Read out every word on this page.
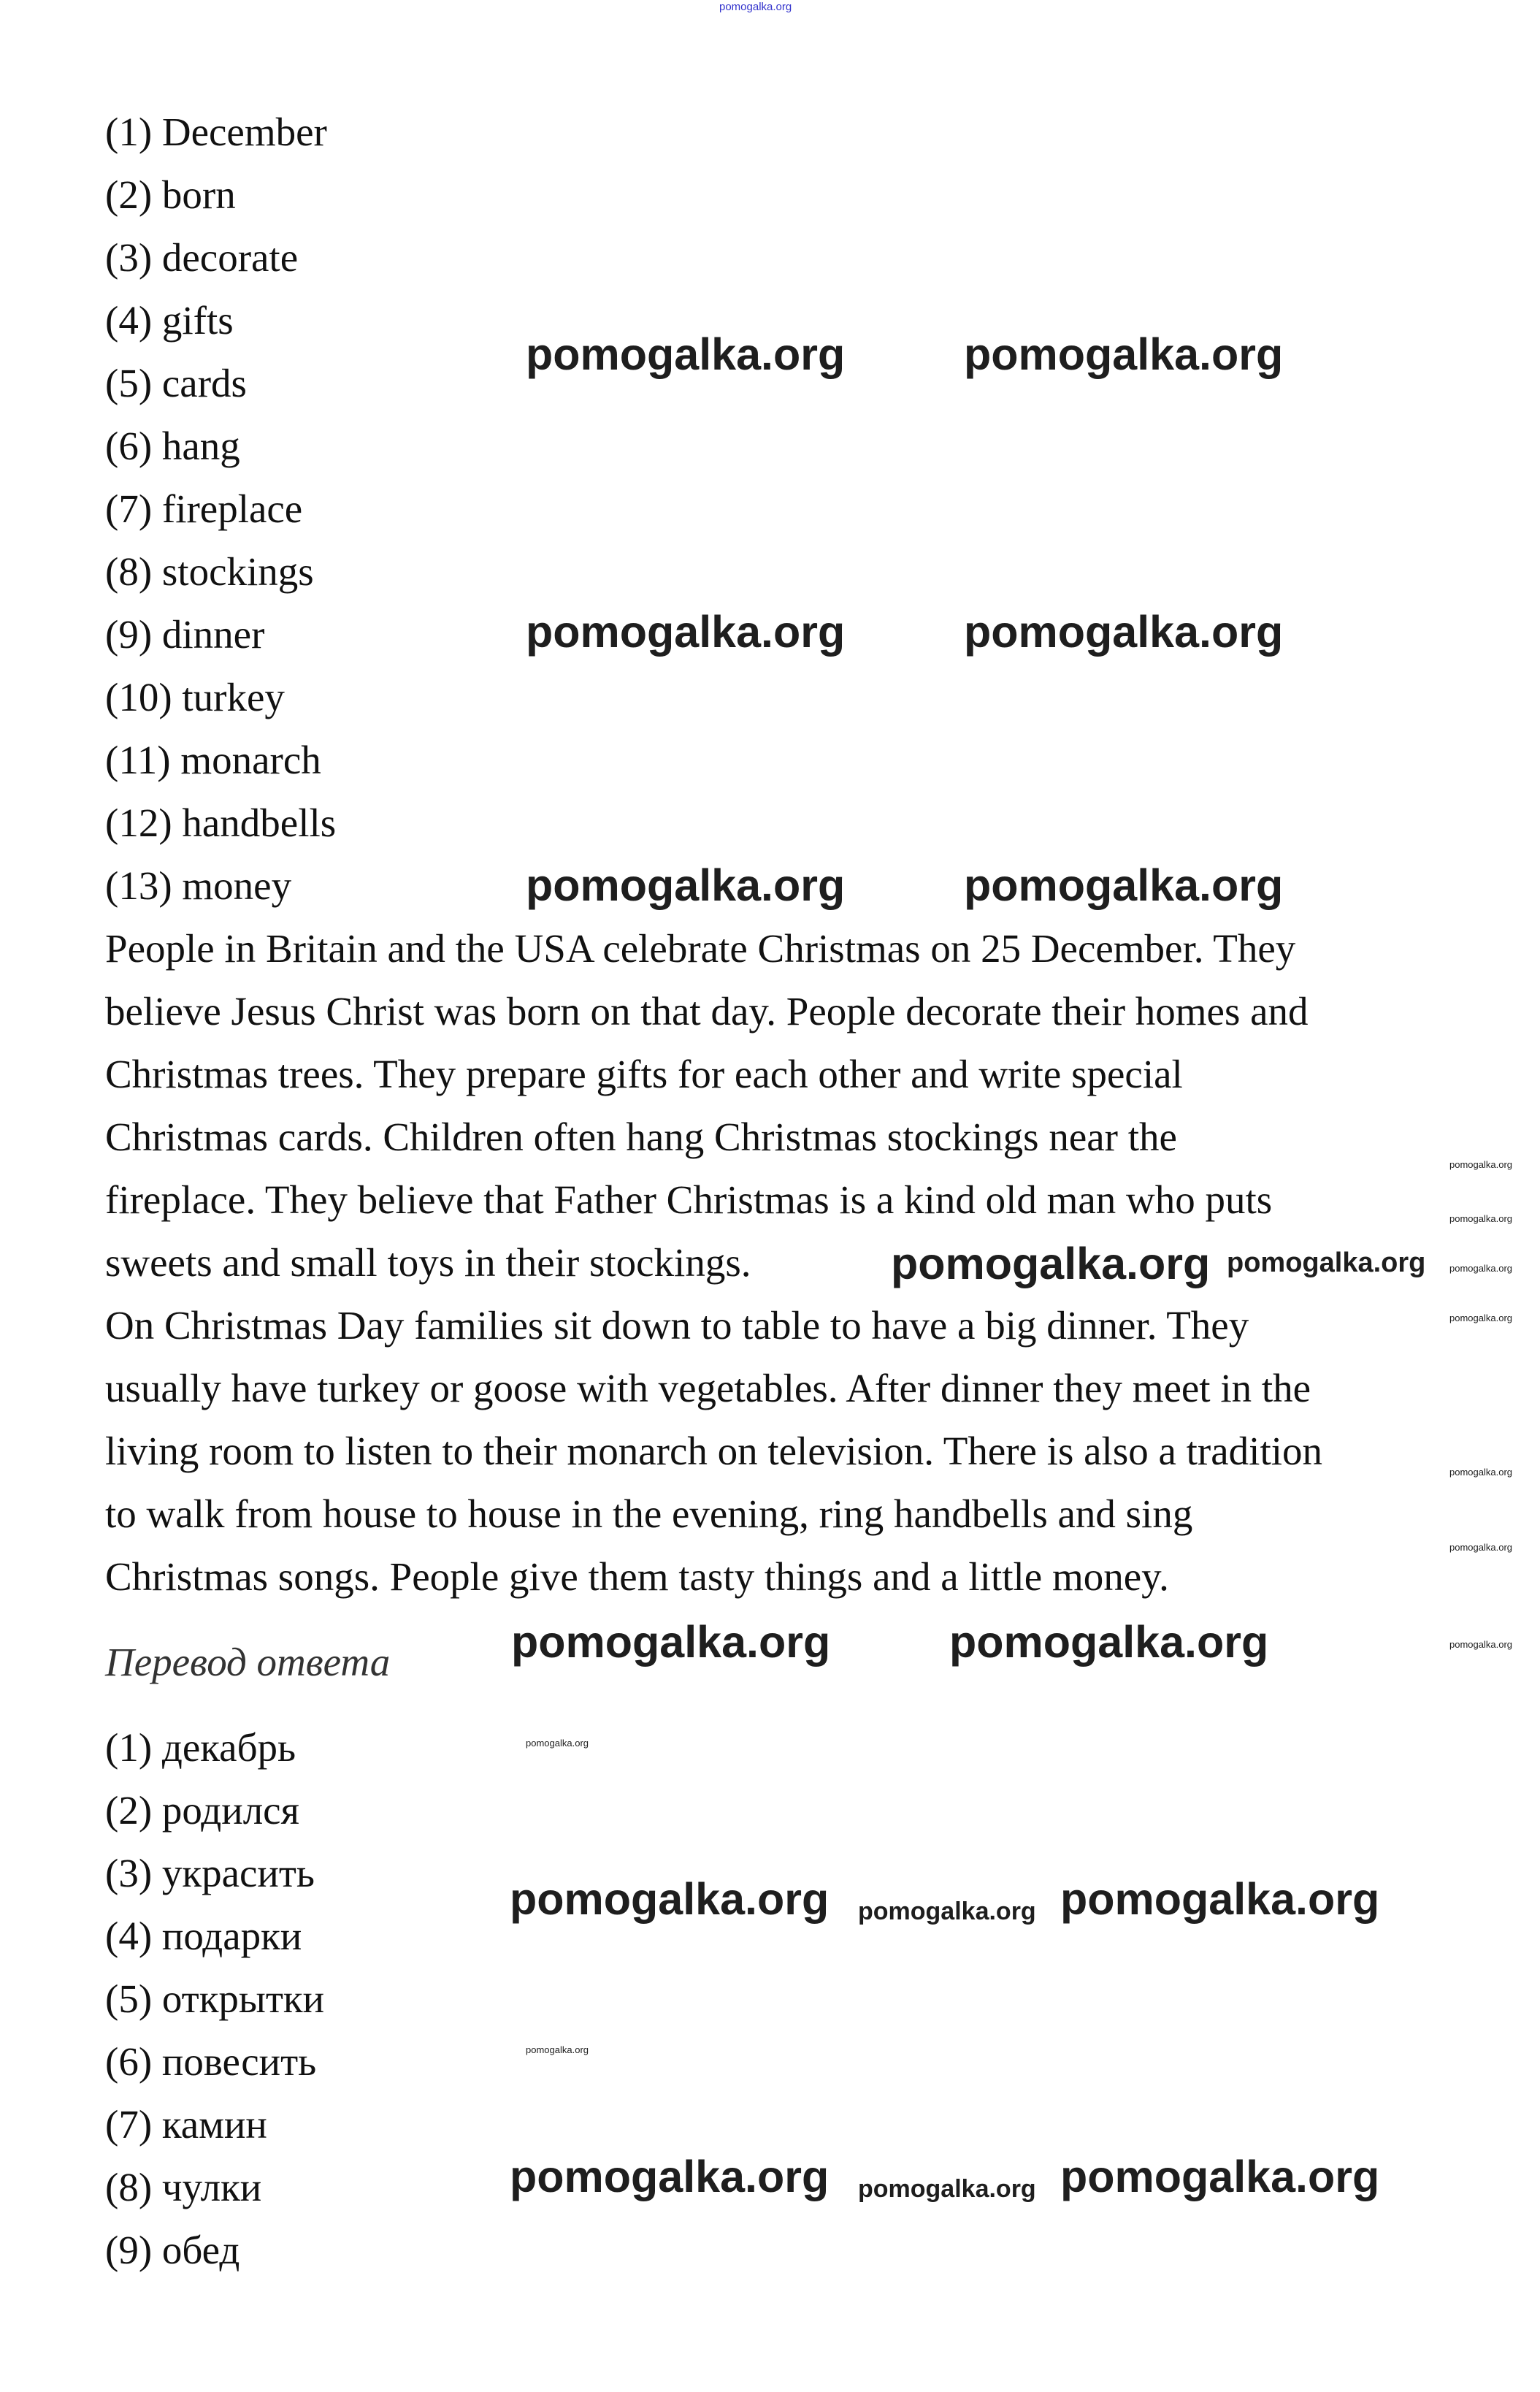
pomogalka.org
(1) December
(2) born
(3) decorate
(4) gifts
(5) cards
(6) hang
(7) fireplace
(8) stockings
(9) dinner
(10) turkey
(11) monarch
(12) handbells
(13) money
People in Britain and the USA celebrate Christmas on 25 December. They
believe Jesus Christ was born on that day. People decorate their homes and
Christmas trees. They prepare gifts for each other and write special
Christmas cards. Children often hang Christmas stockings near the
fireplace. They believe that Father Christmas is a kind old man who puts
sweets and small toys in their stockings.
On Christmas Day families sit down to table to have a big dinner. They
usually have turkey or goose with vegetables. After dinner they meet in the
living room to listen to their monarch on television. There is also a tradition
to walk from house to house in the evening, ring handbells and sing
Christmas songs. People give them tasty things and a little money.
Перевод ответа
(1) декабрь
(2) родился
(3) украсить
(4) подарки
(5) открытки
(6) повесить
(7) камин
(8) чулки
(9) обед
pomogalka.org	pomogalka.org
pomogalka.org	pomogalka.org
pomogalka.org	pomogalka.org
pomogalka.org pomogalka.org
pomogalka.org	pomogalka.org
pomogalka.org	pomogalka.org
pomogalka.org	pomogalka.org
pomogalka.org
pomogalka.org
pomogalka.org
pomogalka.org
pomogalka.org
pomogalka.org
pomogalka.org
pomogalka.org
pomogalka.org
pomogalka.org
pomogalka.org
